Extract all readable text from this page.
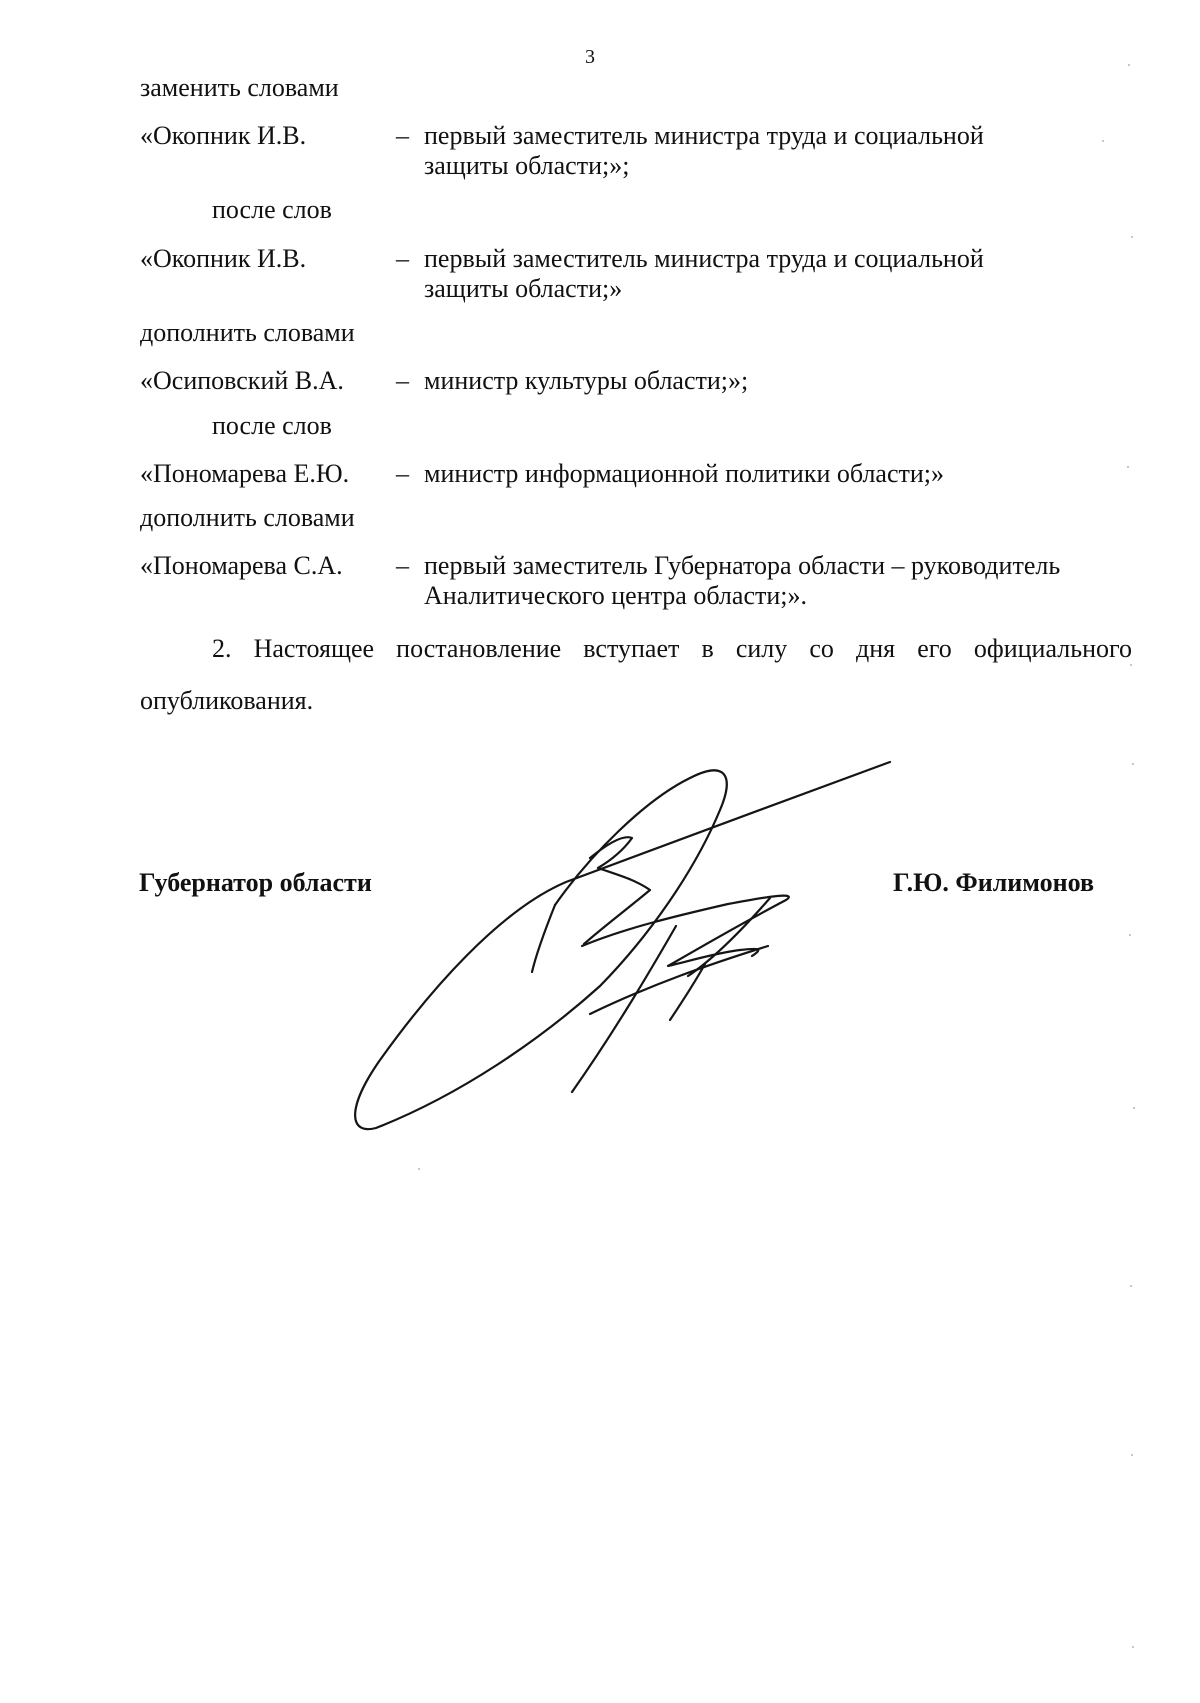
3
заменить словами
«Окопник И.В.	– первый заместитель министра труда и социальной
защиты области;»;
после слов
«Окопник И.В.	– первый заместитель министра труда и социальной
защиты области;»
дополнить словами
«Осиповский В.А. – министр культуры области;»;
после слов
«Пономарева Е.Ю. – министр информационной политики области;»
дополнить словами
«Пономарева С.А. – первый заместитель Губернатора области – руководитель
Аналитического центра области;».
2. Настоящее постановление вступает в силу со дня его официального опубликования.
Губернатор области	Г.Ю. Филимонов
